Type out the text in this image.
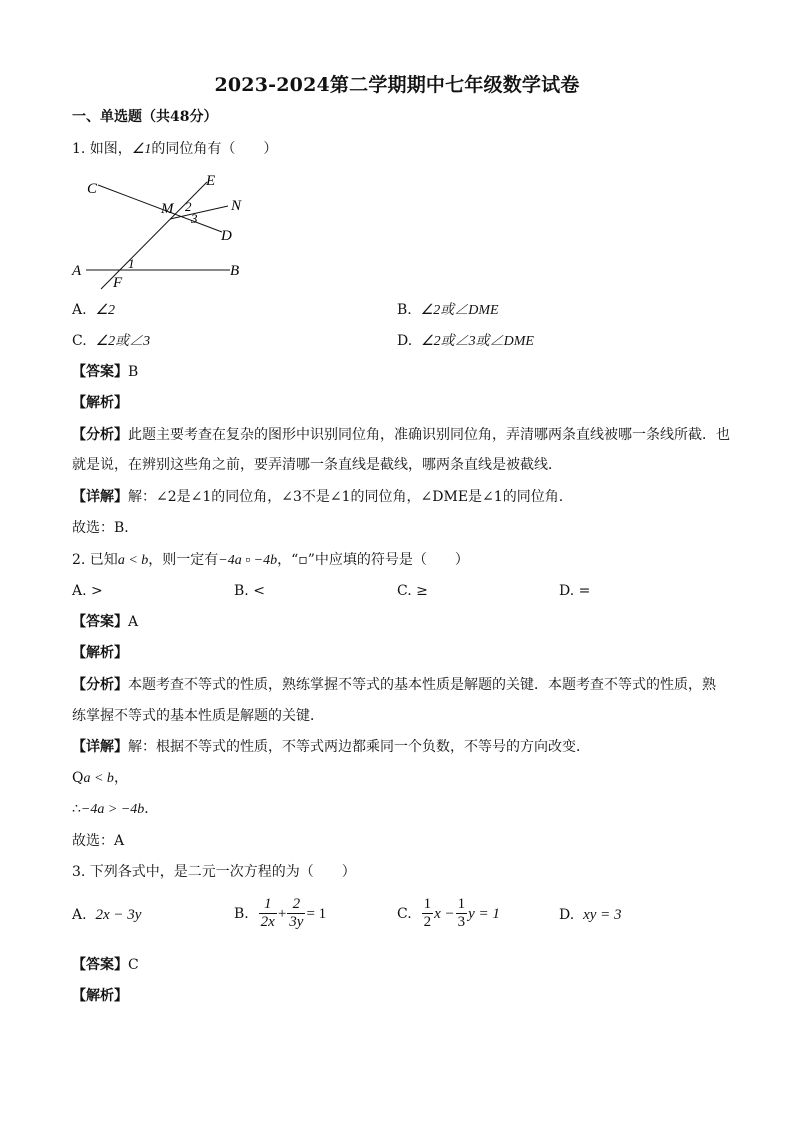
2023-2024第二学期期中七年级数学试卷
一、单选题（共48分）
1. 如图，∠1的同位角有（　　）
C	E
M 2	N
3
D
A	1	B
F
A. ∠2	B. ∠2或∠DME
C. ∠2或∠3	D. ∠2或∠3或∠DME
【答案】B
【解析】
【分析】此题主要考查在复杂的图形中识别同位角，准确识别同位角，弄清哪两条直线被哪一条线所截．也
就是说，在辨别这些角之前，要弄清哪一条直线是截线，哪两条直线是被截线．
【详解】解：∠2是∠1的同位角，∠3不是∠1的同位角，∠DME是∠1的同位角.
故选：B．
2. 已知a < b，则一定有−4a ▫ −4b，“▫”中应填的符号是（　　）
A. >	B. <	C. ≥	D. =
【答案】A
【解析】
【分析】本题考查不等式的性质，熟练掌握不等式的基本性质是解题的关键．本题考查不等式的性质，熟
练掌握不等式的基本性质是解题的关键．
【详解】解：根据不等式的性质，不等式两边都乘同一个负数，不等号的方向改变．
Qa < b，
∴−4a > −4b．
故选：A
3. 下列各式中，是二元一次方程的为（　　）
A.
2x − 3y	B.
$\frac{1}{2x} + \frac{2}{3y} = 1$	C.
$\frac{1}{2}$ $x - \frac{1}{3}$ y = 1	D.
xy = 3
【答案】C
【解析】
